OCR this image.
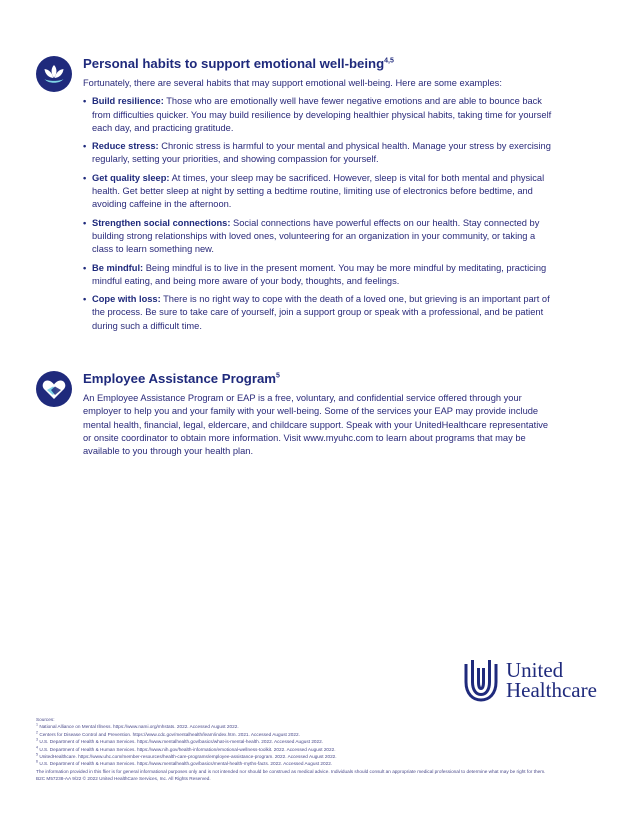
Personal habits to support emotional well-being$^{4,5}$

Fortunately, there are several habits that may support emotional well-being. Here are some examples:

• Build resilience: Those who are emotionally well have fewer negative emotions and are able to bounce back from difficulties quicker. You may build resilience by developing healthier physical habits, taking time for yourself each day, and practicing gratitude.
• Reduce stress: Chronic stress is harmful to your mental and physical health. Manage your stress by exercising regularly, setting your priorities, and showing compassion for yourself.
• Get quality sleep: At times, your sleep may be sacrificed. However, sleep is vital for both mental and physical health. Get better sleep at night by setting a bedtime routine, limiting use of electronics before bedtime, and avoiding caffeine in the afternoon.
• Strengthen social connections: Social connections have powerful effects on our health. Stay connected by building strong relationships with loved ones, volunteering for an organization in your community, or taking a class to learn something new.
• Be mindful: Being mindful is to live in the present moment. You may be more mindful by meditating, practicing mindful eating, and being more aware of your body, thoughts, and feelings.
• Cope with loss: There is no right way to cope with the death of a loved one, but grieving is an important part of the process. Be sure to take care of yourself, join a support group or speak with a professional, and be patient during such a difficult time.
Employee Assistance Program$^5$

An Employee Assistance Program or EAP is a free, voluntary, and confidential service offered through your employer to help you and your family with your well-being. Some of the services your EAP may provide include mental health, financial, legal, eldercare, and childcare support. Speak with your UnitedHealthcare representative or onsite coordinator to obtain more information. Visit www.myuhc.com to learn about programs that may be available to you through your health plan.

United
Healthcare
Sources:
$^1$ National Alliance on Mental Illness. https://www.nami.org/mhstats. 2022. Accessed August 2022.
$^2$ Centers for Disease Control and Prevention. https://www.cdc.gov/mentalhealth/learn/index.htm. 2021. Accessed August 2022.
$^3$ U.S. Department of Health & Human Services. https://www.mentalhealth.gov/basics/what-is-mental-health. 2022. Accessed August 2022.
$^4$ U.S. Department of Health & Human Services. https://www.nih.gov/health-information/emotional-wellness-toolkit. 2022. Accessed August 2022.
$^5$ UnitedHealthcare. https://www.uhc.com/member-resources/health-care-programs/employee-assistance-program. 2022. Accessed August 2022.
$^6$ U.S. Department of Health & Human Services. https://www.mentalhealth.gov/basics/mental-health-myths-facts. 2022. Accessed August 2022.
The information provided in this flier is for general informational purposes only and is not intended nor should be construed as medical advice. Individuals should consult an appropriate medical professional to determine what may be right for them.
B2C M57238-AA 9/22 © 2022 United HealthCare Services, Inc. All Rights Reserved.
